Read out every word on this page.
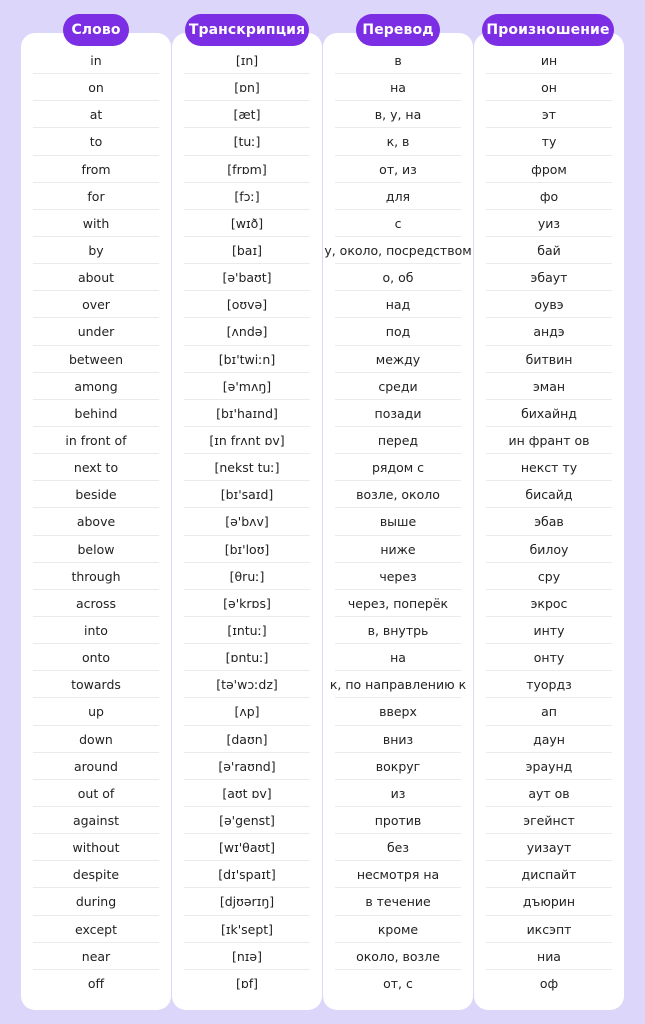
Слово	Транскрипция	Перевод	Произношение
in	[ɪn]	в	ин
on	[ɒn]	на	он
at	[æt]	в, у, на	эт
to	[tuː]	к, в	ту
from	[frɒm]	от, из	фром
for	[fɔː]	для	фо
with	[wɪð]	с	уиз
by	[baɪ]	у, около, посредством	бай
about	[ə'baʊt]	о, об	эбаут
over	[oʊvə]	над	оувэ
under	[ʌndə]	под	андэ
between	[bɪ'twiːn]	между	битвин
among	[ə'mʌŋ]	среди	эман
behind	[bɪ'haɪnd]	позади	бихайнд
in front of	[ɪn frʌnt ɒv]	перед	ин франт ов
next to	[nekst tuː]	рядом с	некст ту
beside	[bɪ'saɪd]	возле, около	бисайд
above	[ə'bʌv]	выше	эбав
below	[bɪ'loʊ]	ниже	билоу
through	[θruː]	через	сру
across	[ə'krɒs]	через, поперёк	экрос
into	[ɪntuː]	в, внутрь	инту
onto	[ɒntuː]	на	онту
towards	[tə'wɔːdz]	к, по направлению к	туордз
up	[ʌp]	вверх	ап
down	[daʊn]	вниз	даун
around	[ə'raʊnd]	вокруг	эраунд
out of	[aʊt ɒv]	из	аут ов
against	[ə'genst]	против	эгейнст
without	[wɪ'θaʊt]	без	уизаут
despite	[dɪ'spaɪt]	несмотря на	диспайт
during	[djʊərɪŋ]	в течение	дъюрин
except	[ɪk'sept]	кроме	иксэпт
near	[nɪə]	около, возле	ниа
off	[ɒf]	от, с	оф
